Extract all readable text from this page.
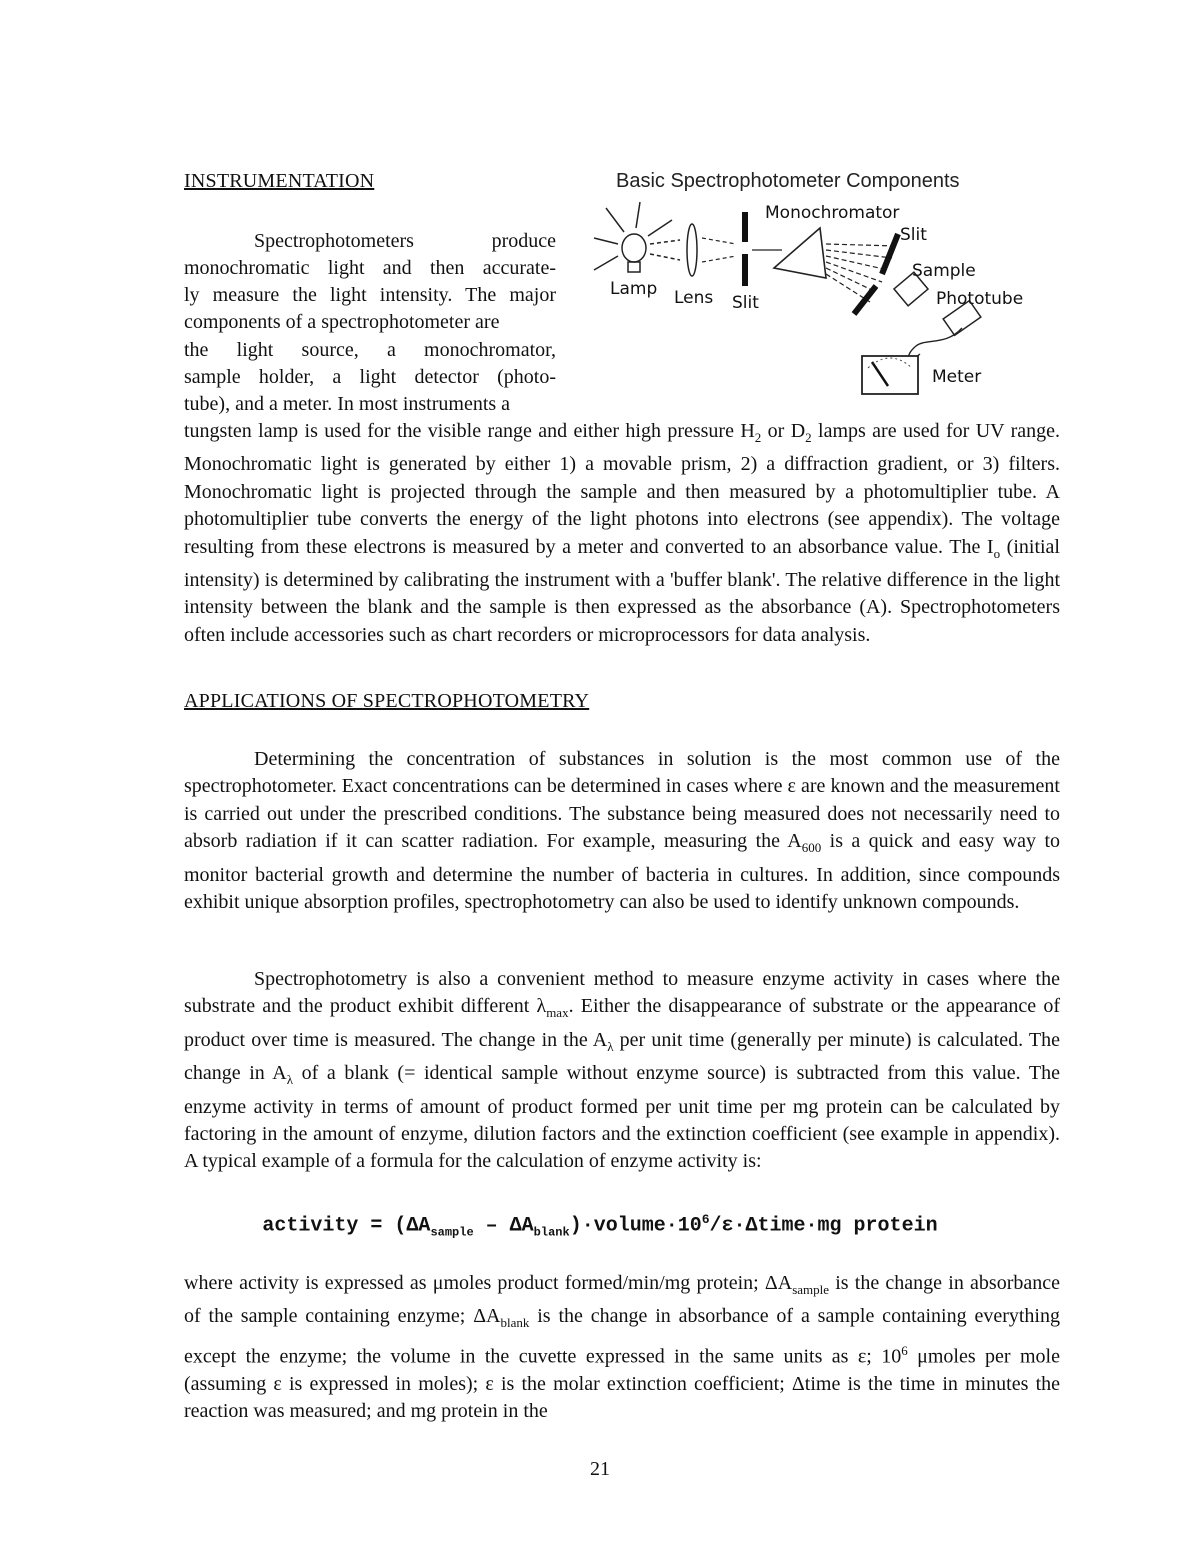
INSTRUMENTATION

Spectrophotometers produce

monochromatic light and then accurate-

ly measure the light intensity. The major

components of a spectrophotometer are

the light source, a monochromator,

sample holder, a light detector (photo-

tube), and a meter. In most instruments a

Basic Spectrophotometer Components
Lamp Lens Slit
Monochromator
Slit
Sample
Phototube
Meter

tungsten lamp is used for the visible range and either high pressure $H_2$ or $D_2$ lamps are used for UV range. Monochromatic light is generated by either 1) a movable prism, 2) a diffraction gradient, or 3) filters. Monochromatic light is projected through the sample and then measured by a photomultiplier tube. A photomultiplier tube converts the energy of the light photons into electrons (see appendix). The voltage resulting from these electrons is measured by a meter and converted to an absorbance value. The $I_o$ (initial intensity) is determined by calibrating the instrument with a 'buffer blank'. The relative difference in the light intensity between the blank and the sample is then expressed as the absorbance (A). Spectrophotometers often include accessories such as chart recorders or microprocessors for data analysis.

APPLICATIONS OF SPECTROPHOTOMETRY

Determining the concentration of substances in solution is the most common use of the spectrophotometer. Exact concentrations can be determined in cases where ε are known and the measurement is carried out under the prescribed conditions. The substance being measured does not necessarily need to absorb radiation if it can scatter radiation. For example, measuring the $A_{600}$ is a quick and easy way to monitor bacterial growth and determine the number of bacteria in cultures. In addition, since compounds exhibit unique absorption profiles, spectrophotometry can also be used to identify unknown compounds.

Spectrophotometry is also a convenient method to measure enzyme activity in cases where the substrate and the product exhibit different $\lambda_{max}$. Either the disappearance of substrate or the appearance of product over time is measured. The change in the $A_\lambda$ per unit time (generally per minute) is calculated. The change in $A_\lambda$ of a blank (= identical sample without enzyme source) is subtracted from this value. The enzyme activity in terms of amount of product formed per unit time per mg protein can be calculated by factoring in the amount of enzyme, dilution factors and the extinction coefficient (see example in appendix). A typical example of a formula for the calculation of enzyme activity is:

activity = ($\Delta A_{sample}$ – $\Delta A_{blank})\cdot volume\cdot 10^6/\varepsilon\cdot\Delta time\cdot mg$ protein

where activity is expressed as μmoles product formed/min/mg protein; $\Delta A_{sample}$ is the change in absorbance of the sample containing enzyme; $\Delta A_{blank}$ is the change in absorbance of a sample containing everything except the enzyme; the volume in the cuvette expressed in the same units as ε; $10^6$ μmoles per mole (assuming ε is expressed in moles); ε is the molar extinction coefficient; Δtime is the time in minutes the reaction was measured; and mg protein in the

21
